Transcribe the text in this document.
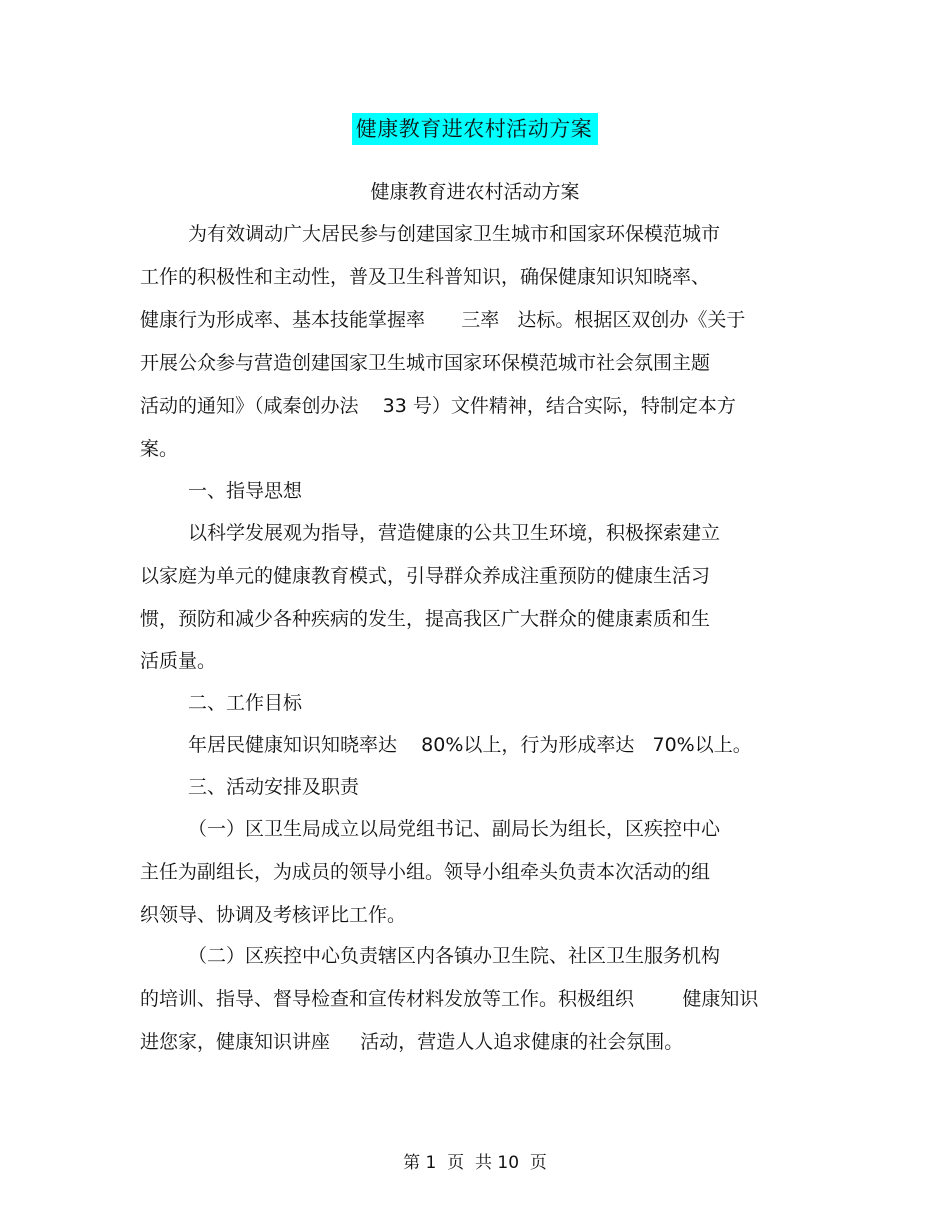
健康教育进农村活动方案
健康教育进农村活动方案
为有效调动广大居民参与创建国家卫生城市和国家环保模范城市
工作的积极性和主动性，普及卫生科普知识，确保健康知识知晓率、
健康行为形成率、基本技能掌握率      三率   达标。根据区双创办《关于
开展公众参与营造创建国家卫生城市国家环保模范城市社会氛围主题
活动的通知》（咸秦创办法    33 号）文件精神，结合实际，特制定本方
案。
一、指导思想
以科学发展观为指导，营造健康的公共卫生环境，积极探索建立
以家庭为单元的健康教育模式，引导群众养成注重预防的健康生活习
惯，预防和减少各种疾病的发生，提高我区广大群众的健康素质和生
活质量。
二、工作目标
年居民健康知识知晓率达    80%以上，行为形成率达   70%以上。
三、活动安排及职责
（一）区卫生局成立以局党组书记、副局长为组长，区疾控中心
主任为副组长，为成员的领导小组。领导小组牵头负责本次活动的组
织领导、协调及考核评比工作。
（二）区疾控中心负责辖区内各镇办卫生院、社区卫生服务机构
的培训、指导、督导检查和宣传材料发放等工作。积极组织        健康知识
进您家，健康知识讲座     活动，营造人人追求健康的社会氛围。
第 1  页  共 10  页
